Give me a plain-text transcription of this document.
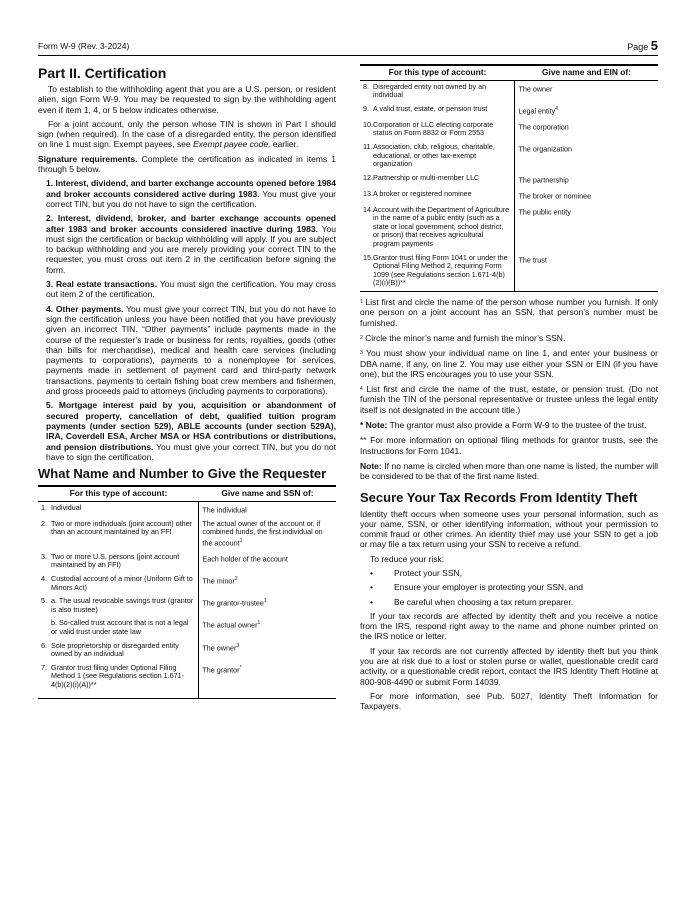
Form W-9 (Rev. 3-2024)	Page 5
Part II. Certification

To establish to the withholding agent that you are a U.S. person, or resident alien, sign Form W-9. You may be requested to sign by the withholding agent even if item 1, 4, or 5 below indicates otherwise.

For a joint account, only the person whose TIN is shown in Part I should sign (when required). In the case of a disregarded entity, the person identified on line 1 must sign. Exempt payees, see Exempt payee code, earlier.

Signature requirements. Complete the certification as indicated in items 1 through 5 below.

1. Interest, dividend, and barter exchange accounts opened before 1984 and broker accounts considered active during 1983. You must give your correct TIN, but you do not have to sign the certification.

2. Interest, dividend, broker, and barter exchange accounts opened after 1983 and broker accounts considered inactive during 1983. You must sign the certification or backup withholding will apply. If you are subject to backup withholding and you are merely providing your correct TIN to the requester, you must cross out item 2 in the certification before signing the form.

3. Real estate transactions. You must sign the certification. You may cross out item 2 of the certification.

4. Other payments. You must give your correct TIN, but you do not have to sign the certification unless you have been notified that you have previously given an incorrect TIN. “Other payments” include payments made in the course of the requester’s trade or business for rents, royalties, goods (other than bills for merchandise), medical and health care services (including payments to corporations), payments to a nonemployee for services, payments made in settlement of payment card and third-party network transactions, payments to certain fishing boat crew members and fishermen, and gross proceeds paid to attorneys (including payments to corporations).

5. Mortgage interest paid by you, acquisition or abandonment of secured property, cancellation of debt, qualified tuition program payments (under section 529), ABLE accounts (under section 529A), IRA, Coverdell ESA, Archer MSA or HSA contributions or distributions, and pension distributions. You must give your correct TIN, but you do not have to sign the certification.

What Name and Number to Give the Requester
For this type of account:	Give name and SSN of:
1. Individual	The individual
2. Two or more individuals (joint account) other than an account maintained by an FFI	The actual owner of the account or, if combined funds, the first individual on the account$^1$
3. Two or more U.S. persons (joint account maintained by an FFI)	Each holder of the account
4. Custodial account of a minor (Uniform Gift to Minors Act)	The minor$^2$
5. a. The usual revocable savings trust (grantor is also trustee)	The grantor-trustee$^1$
b. So-called trust account that is not a legal or valid trust under state law	The actual owner$^1$
6. Sole proprietorship or disregarded entity owned by an individual	The owner$^3$
7. Grantor trust filing under Optional Filing Method 1 (see Regulations section 1.671-4(b)(2)(i)(A))**	The grantor*
For this type of account:	Give name and EIN of:
8. Disregarded entity not owned by an individual	The owner
9. A valid trust, estate, or pension trust	Legal entity$^4$
10.Corporation or LLC electing corporate status on Form 8832 or Form 2553	The corporation
11.Association, club, religious, charitable, educational, or other tax-exempt organization	The organization
12.Partnership or multi-member LLC	The partnership
13.A broker or registered nominee	The broker or nominee
14.Account with the Department of Agriculture in the name of a public entity (such as a state or local government, school district, or prison) that receives agricultural program payments	The public entity
15.Grantor trust filing Form 1041 or under the Optional Filing Method 2, requiring Form 1099 (see Regulations section 1.671-4(b)(2)(i)(B))**	The trust

$^1$ List first and circle the name of the person whose number you furnish. If only one person on a joint account has an SSN, that person’s number must be furnished.

$^2$ Circle the minor’s name and furnish the minor’s SSN.

$^3$ You must show your individual name on line 1, and enter your business or DBA name, if any, on line 2. You may use either your SSN or EIN (if you have one), but the IRS encourages you to use your SSN.

$^4$ List first and circle the name of the trust, estate, or pension trust. (Do not furnish the TIN of the personal representative or trustee unless the legal entity itself is not designated in the account title.)

* Note: The grantor must also provide a Form W-9 to the trustee of the trust.

** For more information on optional filing methods for grantor trusts, see the Instructions for Form 1041.

Note: If no name is circled when more than one name is listed, the number will be considered to be that of the first name listed.

Secure Your Tax Records From Identity Theft

Identity theft occurs when someone uses your personal information, such as your name, SSN, or other identifying information, without your permission to commit fraud or other crimes. An identity thief may use your SSN to get a job or may file a tax return using your SSN to receive a refund.

To reduce your risk:

• Protect your SSN,
• Ensure your employer is protecting your SSN, and
• Be careful when choosing a tax return preparer.

If your tax records are affected by identity theft and you receive a notice from the IRS, respond right away to the name and phone number printed on the IRS notice or letter.

If your tax records are not currently affected by identity theft but you think you are at risk due to a lost or stolen purse or wallet, questionable credit card activity, or a questionable credit report, contact the IRS Identity Theft Hotline at 800-908-4490 or submit Form 14039.

For more information, see Pub. 5027, Identity Theft Information for Taxpayers.
